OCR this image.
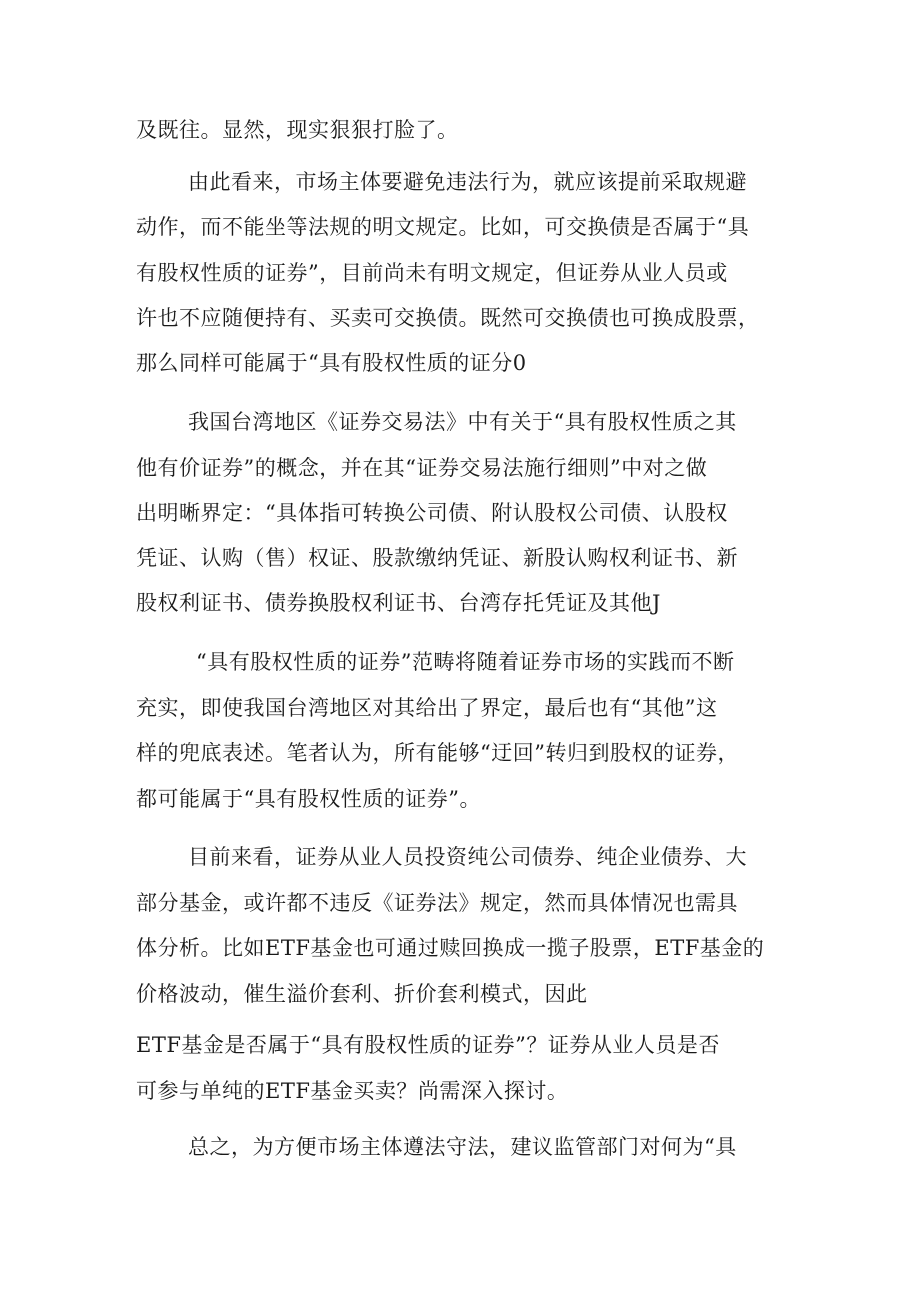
及既往。显然，现实狠狠打脸了。
由此看来，市场主体要避免违法行为，就应该提前采取规避
动作，而不能坐等法规的明文规定。比如，可交换债是否属于“具
有股权性质的证券”，目前尚未有明文规定，但证券从业人员或
许也不应随便持有、买卖可交换债。既然可交换债也可换成股票，
那么同样可能属于“具有股权性质的证分0
我国台湾地区《证券交易法》中有关于“具有股权性质之其
他有价证券”的概念，并在其“证券交易法施行细则”中对之做
出明晰界定：“具体指可转换公司债、附认股权公司债、认股权
凭证、认购（售）权证、股款缴纳凭证、新股认购权利证书、新
股权利证书、债券换股权利证书、台湾存托凭证及其他J
“具有股权性质的证券”范畴将随着证券市场的实践而不断
充实，即使我国台湾地区对其给出了界定，最后也有“其他”这
样的兜底表述。笔者认为，所有能够“迂回”转归到股权的证券，
都可能属于“具有股权性质的证券”。
目前来看，证券从业人员投资纯公司债券、纯企业债券、大
部分基金，或许都不违反《证券法》规定，然而具体情况也需具
体分析。比如ETF基金也可通过赎回换成一揽子股票，ETF基金的
价格波动，催生溢价套利、折价套利模式，因此
ETF基金是否属于“具有股权性质的证券”？证券从业人员是否
可参与单纯的ETF基金买卖？尚需深入探讨。
总之，为方便市场主体遵法守法，建议监管部门对何为“具
